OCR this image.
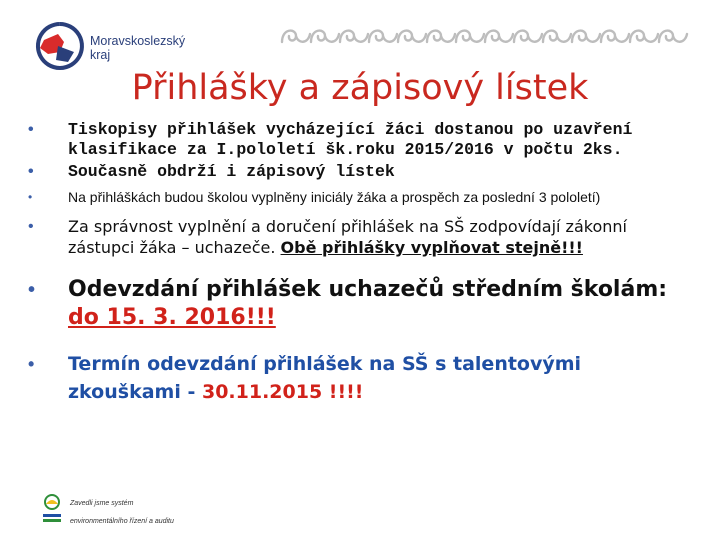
Moravskoslezský
kraj
Přihlášky a zápisový lístek
• Tiskopisy přihlášek vycházející žáci dostanou po uzavření klasifikace za I.pololetí šk.roku 2015/2016 v počtu 2ks.
• Současně obdrží i zápisový lístek
•	Na přihláškách budou školou vyplněny iniciály žáka a prospěch za poslední 3 pololetí)
• Za správnost vyplnění a doručení přihlášek na SŠ zodpovídají zákonní zástupci žáka – uchazeče. Obě přihlášky vyplňovat stejně!!!
• Odevzdání přihlášek uchazečů středním školám: do 15. 3. 2016!!!
• Termín odevzdání přihlášek na SŠ s talentovými zkouškami - 30.11.2015 !!!!
Zavedli jsme systém
environmentálního řízení a auditu
